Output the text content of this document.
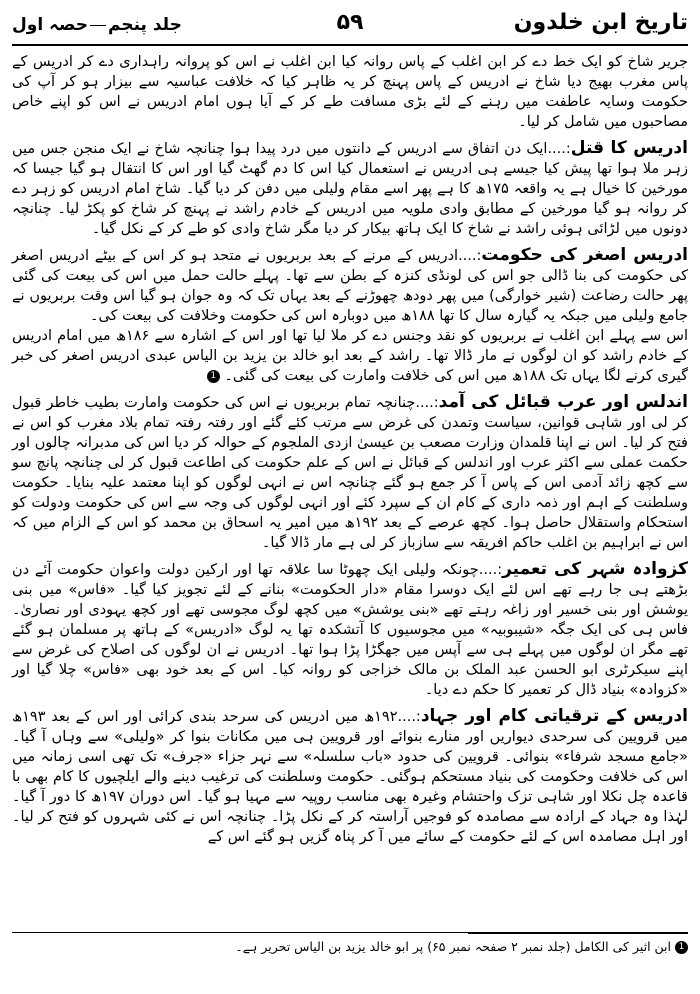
تاریخ ابن خلدون
۵۹
جلد پنجمحصہ اول

جریر شاخ کو ایک خط دے کر ابن اغلب کے پاس روانہ کیا ابن اغلب نے اس کو پروانہ راہداری دے کر ادریس کے پاس مغرب بھیج دیا شاخ نے ادریس کے پاس پہنچ کر یہ ظاہر کیا کہ خلافت عباسیہ سے بیزار ہو کر آپ کی حکومت وسایہ عاطفت میں رہنے کے لئے بڑی مسافت طے کر کے آیا ہوں امام ادریس نے اس کو اپنے خاص مصاحبوں میں شامل کر لیا۔

ادریس کا قتل:....ایک دن اتفاق سے ادریس کے دانتوں میں درد پیدا ہوا چنانچہ شاخ نے ایک منجن جس میں زہر ملا ہوا تھا پیش کیا جیسے ہی ادریس نے استعمال کیا اس کا دم گھٹ گیا اور اس کا انتقال ہو گیا جیسا کہ مورخین کا خیال ہے یہ واقعہ ۱۷۵ھ کا ہے پھر اسے مقام ولیلی میں دفن کر دیا گیا۔ شاخ امام ادریس کو زہر دے کر روانہ ہو گیا مورخین کے مطابق وادی ملویہ میں ادریس کے خادم راشد نے پہنچ کر شاخ کو پکڑ لیا۔ چنانچہ دونوں میں لڑائی ہوئی راشد نے شاخ کا ایک ہاتھ بیکار کر دیا مگر شاخ وادی کو طے کر کے نکل گیا۔

ادریس اصغر کی حکومت:....ادریس کے مرنے کے بعد بربریوں نے متحد ہو کر اس کے بیٹے ادریس اصغر کی حکومت کی بنا ڈالی جو اس کی لونڈی کنزہ کے بطن سے تھا۔ پہلے حالت حمل میں اس کی بیعت کی گئی پھر حالت رضاعت (شیر خوارگی) میں پھر دودھ چھوڑنے کے بعد یہاں تک کہ وہ جوان ہو گیا اس وقت بربریوں نے جامع ولیلی میں جبکہ یہ گیارہ سال کا تھا ۱۸۸ھ میں دوبارہ اس کی حکومت وخلافت کی بیعت کی۔

اس سے پہلے ابن اغلب نے بربریوں کو نقد وجنس دے کر ملا لیا تھا اور اس کے اشارہ سے ۱۸۶ھ میں امام ادریس کے خادم راشد کو ان لوگوں نے مار ڈالا تھا۔ راشد کے بعد ابو خالد بن یزید بن الیاس عبدی ادریس اصغر کی خبر گیری کرنے لگا یہاں تک ۱۸۸ھ میں اس کی خلافت وامارت کی بیعت کی گئی۔ 1

اندلس اور عرب قبائل کی آمد:....چنانچہ تمام بربریوں نے اس کی حکومت وامارت بطیب خاطر قبول کر لی اور شاہی قوانین، سیاست وتمدن کی غرض سے مرتب کئے گئے اور رفتہ رفتہ تمام بلاد مغرب کو اس نے فتح کر لیا۔ اس نے اپنا قلمدان وزارت مصعب بن عیسیٰ ازدی الملجوم کے حوالہ کر دیا اس کی مدبرانہ چالوں اور حکمت عملی سے اکثر عرب اور اندلس کے قبائل نے اس کے علم حکومت کی اطاعت قبول کر لی چنانچہ پانچ سو سے کچھ زائد آدمی اس کے پاس آ کر جمع ہو گئے چنانچہ اس نے انہی لوگوں کو اپنا معتمد علیہ بنایا۔ حکومت وسلطنت کے اہم اور ذمہ داری کے کام ان کے سپرد کئے اور انہی لوگوں کی وجہ سے اس کی حکومت ودولت کو استحکام واستقلال حاصل ہوا۔ کچھ عرصے کے بعد ۱۹۲ھ میں امیر یہ اسحاق بن محمد کو اس کے الزام میں کہ اس نے ابراہیم بن اغلب حاکم افریقہ سے سازباز کر لی ہے مار ڈالا گیا۔

کزوادہ شہر کی تعمیر:....چونکہ ولیلی ایک چھوٹا سا علاقہ تھا اور ارکین دولت واعوان حکومت آئے دن بڑھتے ہی جا رہے تھے اس لئے ایک دوسرا مقام «دار الحکومت» بنانے کے لئے تجویز کیا گیا۔ «فاس» میں بنی یوشش اور بنی خسیر اور زاغہ رہتے تھے «بنی یوشش» میں کچھ لوگ مجوسی تھے اور کچھ یہودی اور نصاریٰ۔ فاس ہی کی ایک جگہ «شیبوبیہ» میں مجوسیوں کا آتشکدہ تھا یہ لوگ «ادریس» کے ہاتھ پر مسلمان ہو گئے تھے مگر ان لوگوں میں پہلے ہی سے آپس میں جھگڑا پڑا ہوا تھا۔ ادریس نے ان لوگوں کی اصلاح کی غرض سے اپنے سیکرٹری ابو الحسن عبد الملک بن مالک خزاجی کو روانہ کیا۔ اس کے بعد خود بھی «فاس» چلا گیا اور «کزوادہ» بنیاد ڈال کر تعمیر کا حکم دے دیا۔

ادریس کے ترقیاتی کام اور جہاد:....۱۹۲ھ میں ادریس کی سرحد بندی کرائی اور اس کے بعد ۱۹۳ھ میں قرویین کی سرحدی دیواریں اور منارے بنوائے اور قرویین ہی میں مکانات بنوا کر «ولیلی» سے وہاں آ گیا۔ «جامع مسجد شرفاء» بنوائی۔ قرویین کی حدود «باب سلسلہ» سے نہر جزاء «جرف» تک تھی اسی زمانہ میں اس کی خلافت وحکومت کی بنیاد مستحکم ہوگئی۔ حکومت وسلطنت کی ترغیب دینے والے ایلچیوں کا کام بھی با قاعدہ چل نکلا اور شاہی تزک واحتشام وغیرہ بھی مناسب روپیہ سے مہیا ہو گیا۔ اس دوران ۱۹۷ھ کا دور آ گیا۔ لہٰذا وہ جہاد کے ارادہ سے مصامدہ کو فوجیں آراستہ کر کے نکل پڑا۔ چنانچہ اس نے کئی شہروں کو فتح کر لیا۔ اور اہل مصامدہ اس کے لئے حکومت کے سائے میں آ کر پناہ گزیں ہو گئے اس کے

1 ابن اثیر کی الکامل (جلد نمبر ۲ صفحہ نمبر ۶۵) پر ابو خالد یزید بن الیاس تحریر ہے۔
